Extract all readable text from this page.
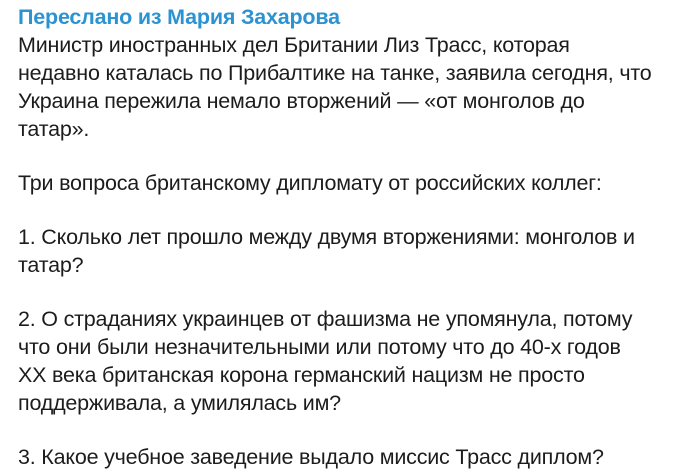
Переслано из Мария Захарова
Министр иностранных дел Британии Лиз Трасс, которая
недавно каталась по Прибалтике на танке, заявила сегодня, что
Украина пережила немало вторжений — «от монголов до
татар».
Три вопроса британскому дипломату от российских коллег:
1. Сколько лет прошло между двумя вторжениями: монголов и
татар?
2. О страданиях украинцев от фашизма не упомянула, потому
что они были незначительными или потому что до 40-х годов
ХХ века британская корона германский нацизм не просто
поддерживала, а умилялась им?
3. Какое учебное заведение выдало миссис Трасс диплом?
